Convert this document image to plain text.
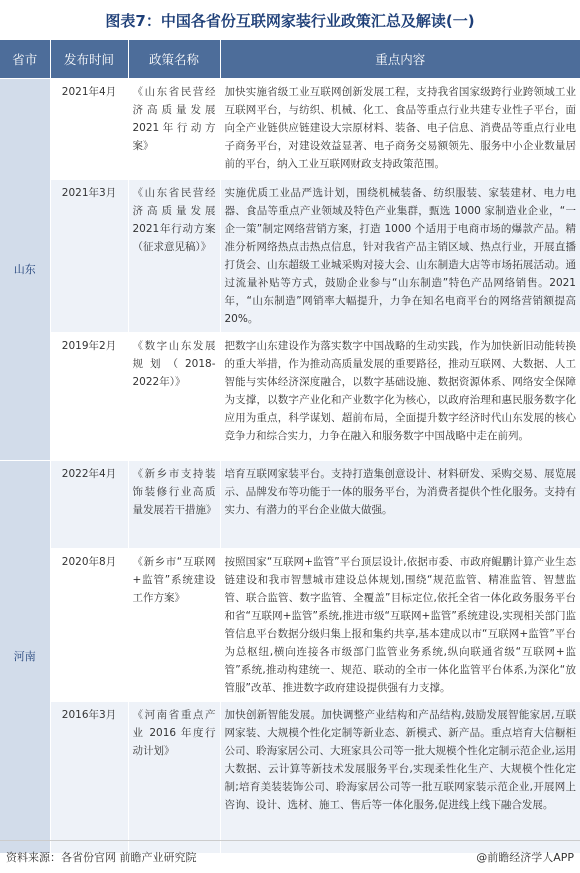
图表7：中国各省份互联网家装行业政策汇总及解读(一)
省市	发布时间	政策名称	重点内容
山东	2021年4月	《山东省民营经济高质量发展2021年行动方案》	加快实施省级工业互联网创新发展工程，支持我省国家级跨行业跨领域工业互联网平台，与纺织、机械、化工、食品等重点行业共建专业性子平台，面向全产业链供应链建设大宗原材料、装备、电子信息、消费品等重点行业电子商务平台，对建设效益显著、电子商务交易额领先、服务中小企业数量居前的平台，纳入工业互联网财政支持政策范围。
	2021年3月	《山东省民营经济高质量发展2021年行动方案（征求意见稿）》	实施优质工业品严选计划，围绕机械装备、纺织服装、家装建材、电力电器、食品等重点产业领域及特色产业集群，甄选 1000 家制造业企业，“一企一策”制定网络营销方案，打造 1000 个适用于电商市场的爆款产品。精准分析网络热点击热点信息，针对我省产品主销区域、热点行业，开展直播打货会、山东超级工业城采购对接大会、山东制造大店等市场拓展活动。通过流量补贴等方式，鼓励企业参与“山东制造”特色产品网络销售。2021 年，“山东制造”网销率大幅提升，力争在知名电商平台的网络营销额提高 20%。
	2019年2月	《数字山东发展规划（2018-2022年）》	把数字山东建设作为落实数字中国战略的生动实践，作为加快新旧动能转换的重大举措，作为推动高质量发展的重要路径，推动互联网、大数据、人工智能与实体经济深度融合，以数字基础设施、数据资源体系、网络安全保障为支撑，以数字产业化和产业数字化为核心，以政府治理和惠民服务数字化应用为重点，科学谋划、超前布局，全面提升数字经济时代山东发展的核心竞争力和综合实力，力争在融入和服务数字中国战略中走在前列。
河南	2022年4月	《新乡市支持装饰装修行业高质量发展若干措施》	培育互联网家装平台。支持打造集创意设计、材料研发、采购交易、展览展示、品牌发布等功能于一体的服务平台，为消费者提供个性化服务。支持有实力、有潜力的平台企业做大做强。
	2020年8月	《新乡市“互联网+监管”系统建设工作方案》	按照国家“互联网+监管”平台顶层设计,依据市委、市政府鲲鹏计算产业生态链建设和我市智慧城市建设总体规划,围绕“规范监管、精准监管、智慧监管、联合监管、数字监管、全覆盖”目标定位,依托全省一体化政务服务平台和省“互联网+监管”系统,推进市级“互联网+监管”系统建设,实现相关部门监管信息平台数据分级归集上报和集约共享,基本建成以市“互联网+监管”平台为总枢纽,横向连接各市级部门监管业务系统,纵向联通省级“互联网+监管”系统,推动构建统一、规范、联动的全市一体化监管平台体系,为深化“放管服”改革、推进数字政府建设提供强有力支撑。
	2016年3月	《河南省重点产业 2016 年度行动计划》	加快创新智能发展。加快调整产业结构和产品结构,鼓励发展智能家居,互联网家装、大规模个性化定制等新业态、新模式、新产品。重点培育大信橱柜公司、聆海家居公司、大班家具公司等一批大规模个性化定制示范企业,运用大数据、云计算等新技术发展服务平台,实现柔性化生产、大规模个性化定制;培育美装装饰公司、聆海家居公司等一批互联网家装示范企业,开展网上咨询、设计、选材、施工、售后等一体化服务,促进线上线下融合发展。
资料来源：各省份官网 前瞻产业研究院	@前瞻经济学人APP
